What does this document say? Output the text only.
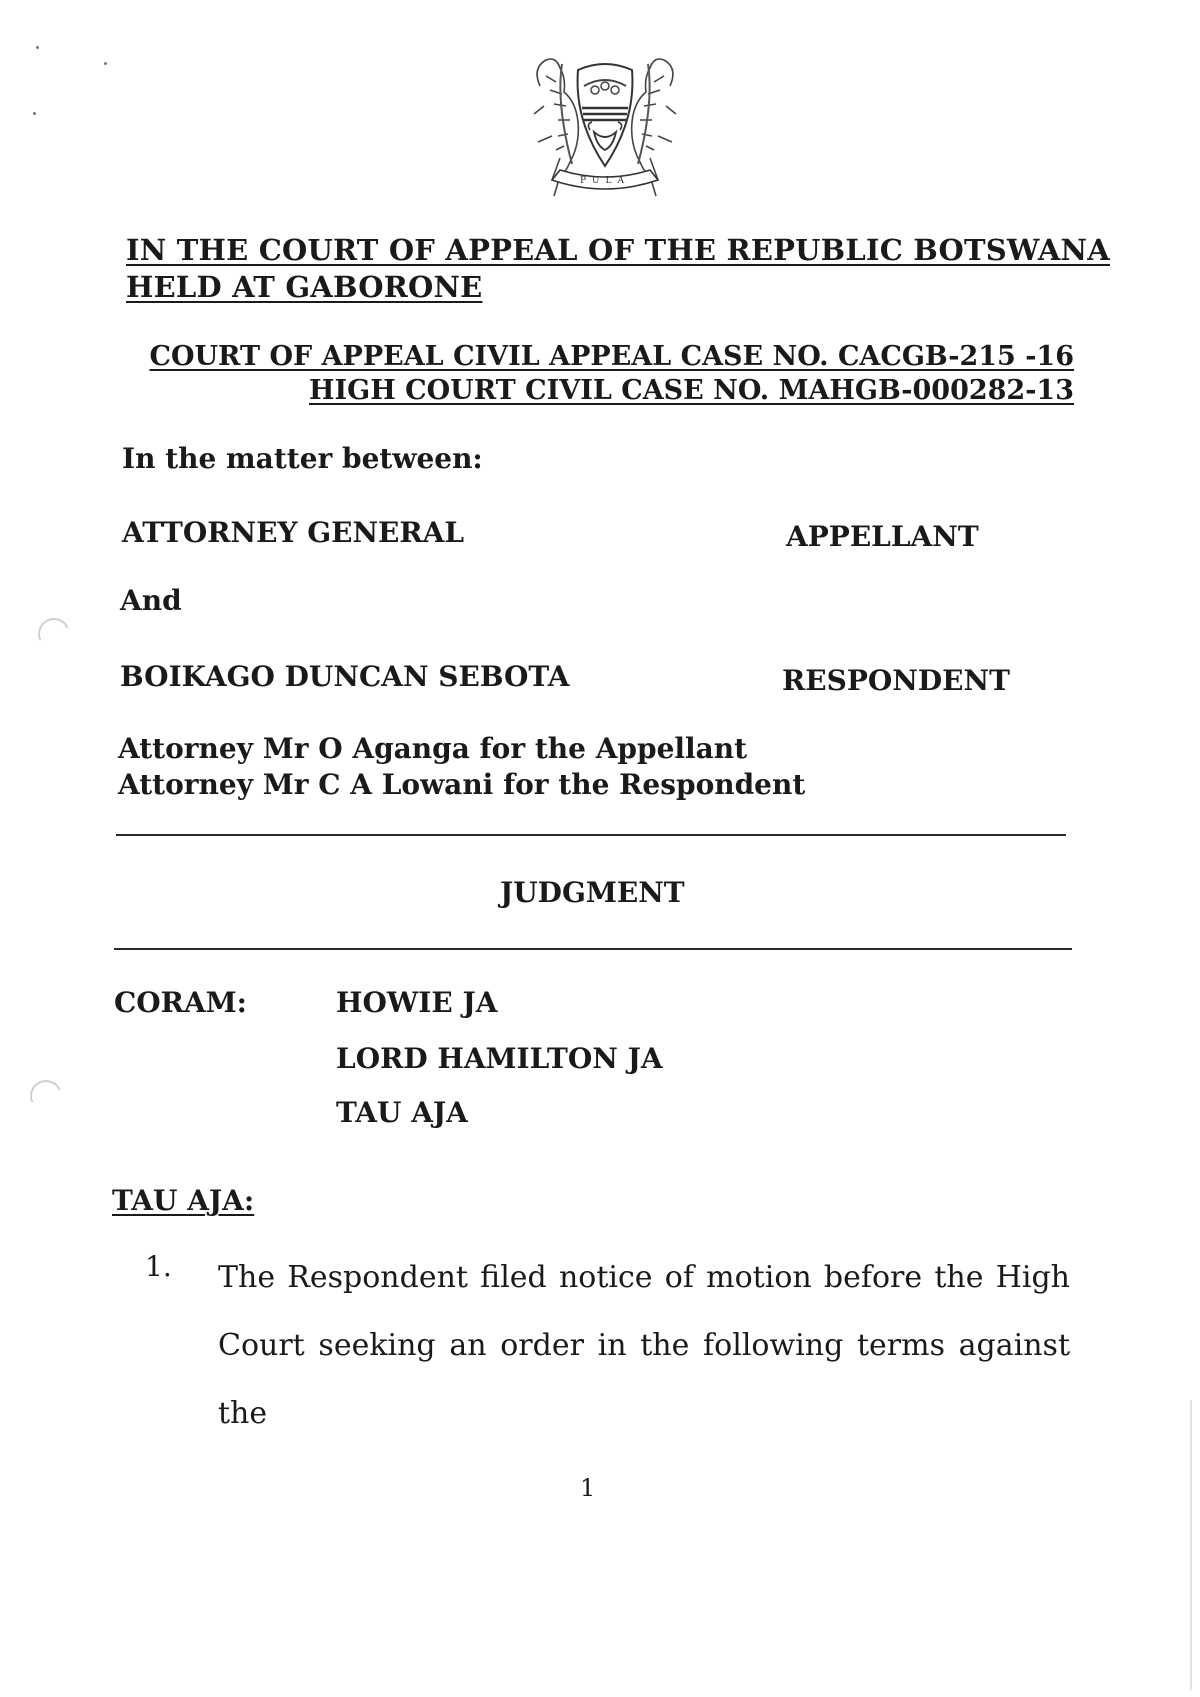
PULA
IN THE COURT OF APPEAL OF THE REPUBLIC BOTSWANA
HELD AT GABORONE
COURT OF APPEAL CIVIL APPEAL CASE NO. CACGB-215 -16
HIGH COURT CIVIL CASE NO. MAHGB-000282-13
In the matter between:
ATTORNEY GENERAL	APPELLANT
And
BOIKAGO DUNCAN SEBOTA	RESPONDENT
Attorney Mr O Aganga for the Appellant
Attorney Mr C A Lowani for the Respondent
JUDGMENT
CORAM:	HOWIE JA
LORD HAMILTON JA
TAU AJA
TAU AJA:
1. The Respondent filed notice of motion before the High
Court seeking an order in the following terms against the
1
